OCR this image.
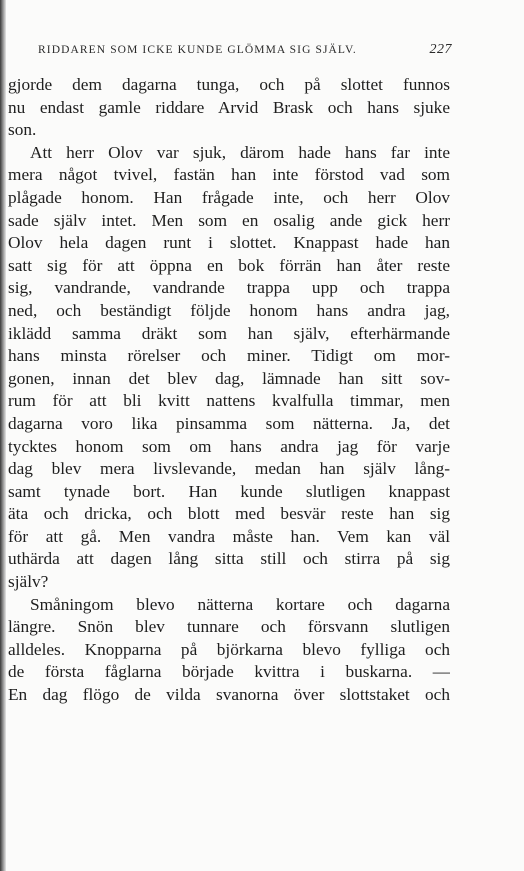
RIDDAREN SOM ICKE KUNDE GLÖMMA SIG SJÄLV.	227
gjorde dem dagarna tunga, och på slottet funnos
nu endast gamle riddare Arvid Brask och hans sjuke
son.
Att herr Olov var sjuk, därom hade hans far inte
mera något tvivel, fastän han inte förstod vad som
plågade honom. Han frågade inte, och herr Olov
sade själv intet. Men som en osalig ande gick herr
Olov hela dagen runt i slottet. Knappast hade han
satt sig för att öppna en bok förrän han åter reste
sig, vandrande, vandrande trappa upp och trappa
ned, och beständigt följde honom hans andra jag,
iklädd samma dräkt som han själv, efterhärmande
hans minsta rörelser och miner. Tidigt om mor-
gonen, innan det blev dag, lämnade han sitt sov-
rum för att bli kvitt nattens kvalfulla timmar, men
dagarna voro lika pinsamma som nätterna. Ja, det
tycktes honom som om hans andra jag för varje
dag blev mera livslevande, medan han själv lång-
samt tynade bort. Han kunde slutligen knappast
äta och dricka, och blott med besvär reste han sig
för att gå. Men vandra måste han. Vem kan väl
uthärda att dagen lång sitta still och stirra på sig
själv?
Småningom blevo nätterna kortare och dagarna
längre. Snön blev tunnare och försvann slutligen
alldeles. Knopparna på björkarna blevo fylliga och
de första fåglarna började kvittra i buskarna. —
En dag flögo de vilda svanorna över slottstaket och
